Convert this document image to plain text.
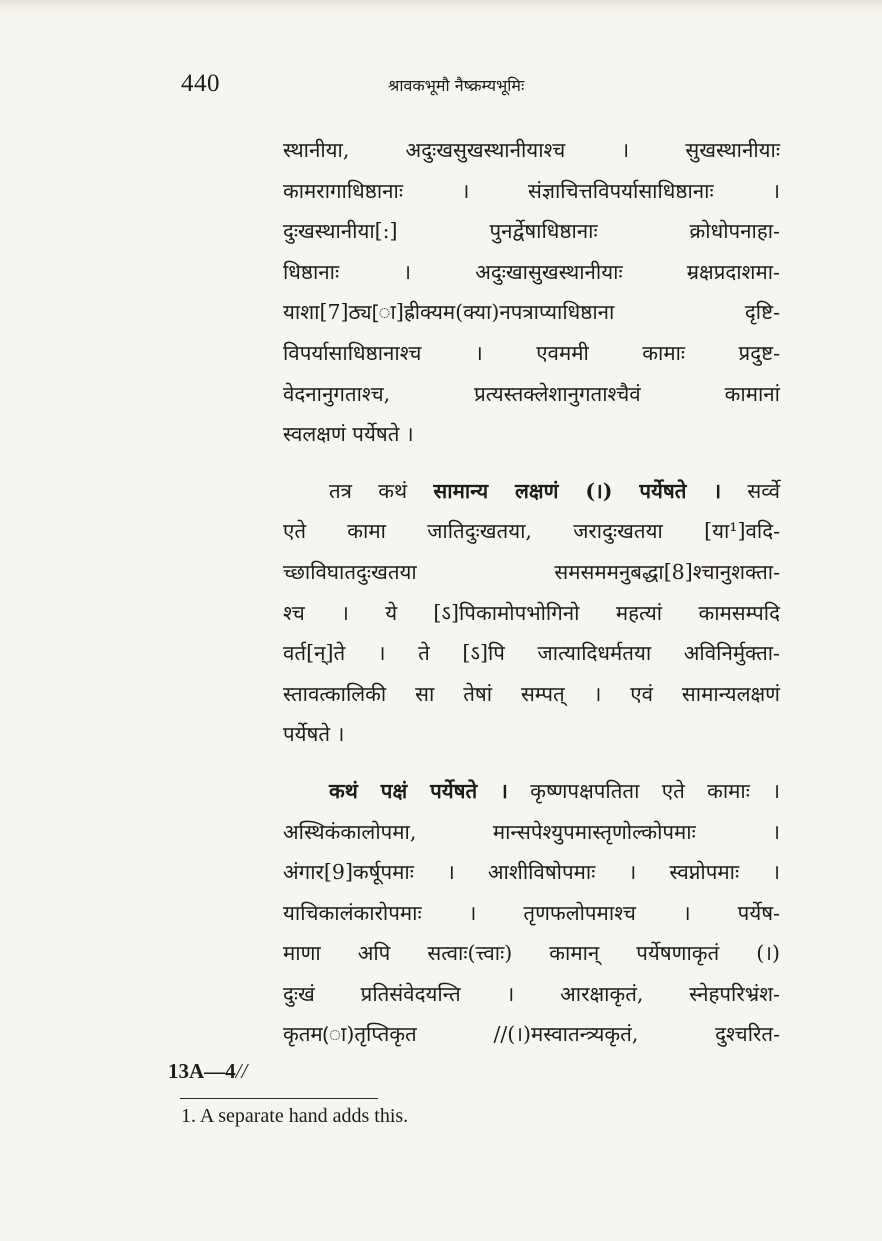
440	श्रावकभूमौ नैष्क्रम्यभूमिः
स्थानीया, अदुःखसुखस्थानीयाश्च । सुखस्थानीयाः
कामरागाधिष्ठानाः । संज्ञाचित्तविपर्यासाधिष्ठानाः ।
दुःखस्थानीया[:] पुनर्द्वेषाधिष्ठानाः क्रोधोपनाहा-
धिष्ठानाः । अदुःखासुखस्थानीयाः म्रक्षप्रदाशमा-
याशा[7]ठ्य[ा]ह्रीक्यम(क्या)नपत्राप्याधिष्ठाना दृष्टि-
विपर्यासाधिष्ठानाश्च । एवममी कामाः प्रदुष्ट-
वेदनानुगताश्च, प्रत्यस्तक्लेशानुगताश्चैवं कामानां
स्वलक्षणं पर्येषते ।
तत्र कथं सामान्य लक्षणं (।) पर्येषते । सर्व्वे
एते कामा जातिदुःखतया, जरादुःखतया [या¹]वदि-
च्छाविघातदुःखतया समसममनुबद्धा[8]श्चानुशक्ता-
श्च । ये [ऽ]पिकामोपभोगिनो महत्यां कामसम्पदि
वर्त[न्]ते । ते [ऽ]पि जात्यादिधर्मतया अविनिर्मुक्ता-
स्तावत्कालिकी सा तेषां सम्पत् । एवं सामान्यलक्षणं
पर्येषते ।
कथं पक्षं पर्येषते । कृष्णपक्षपतिता एते कामाः ।
अस्थिकंकालोपमा, मान्सपेश्युपमास्तृणोल्कोपमाः ।
अंगार[9]कर्षूपमाः । आशीविषोपमाः । स्वप्नोपमाः ।
याचिकालंकारोपमाः । तृणफलोपमाश्च । पर्येष-
माणा अपि सत्वाः(त्त्वाः) कामान् पर्येषणाकृतं (।)
दुःखं प्रतिसंवेदयन्ति । आरक्षाकृतं, स्नेहपरिभ्रंश-
कृतम(ा)तृप्तिकृत //(।)मस्वातन्त्र्यकृतं, दुश्चरित-
13A—4//
1. A separate hand adds this.
